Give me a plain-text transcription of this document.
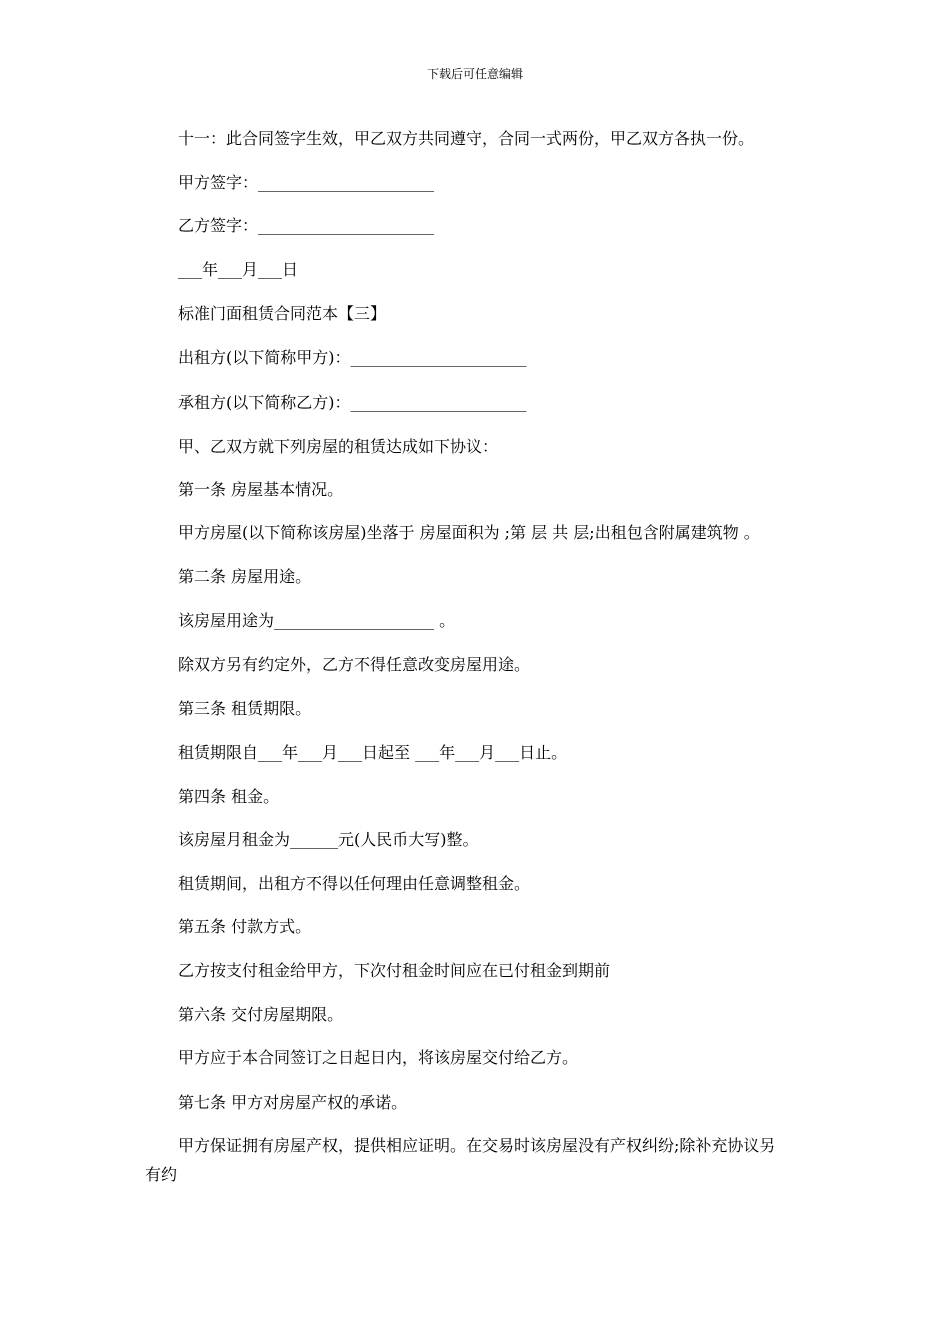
下载后可任意编辑
十一：此合同签字生效，甲乙双方共同遵守，合同一式两份，甲乙双方各执一份。
甲方签字：______________________
乙方签字：______________________
___年___月___日
标准门面租赁合同范本【三】
出租方(以下简称甲方)：______________________
承租方(以下简称乙方)：______________________
甲、乙双方就下列房屋的租赁达成如下协议：
第一条 房屋基本情况。
甲方房屋(以下简称该房屋)坐落于 房屋面积为 ;第 层 共 层;出租包含附属建筑物 。
第二条 房屋用途。
该房屋用途为____________________ 。
除双方另有约定外，乙方不得任意改变房屋用途。
第三条 租赁期限。
租赁期限自___年___月___日起至 ___年___月___日止。
第四条 租金。
该房屋月租金为______元(人民币大写)整。
租赁期间，出租方不得以任何理由任意调整租金。
第五条 付款方式。
乙方按支付租金给甲方，下次付租金时间应在已付租金到期前
第六条 交付房屋期限。
甲方应于本合同签订之日起日内，将该房屋交付给乙方。
第七条 甲方对房屋产权的承诺。
甲方保证拥有房屋产权，提供相应证明。在交易时该房屋没有产权纠纷;除补充协议另
有约
